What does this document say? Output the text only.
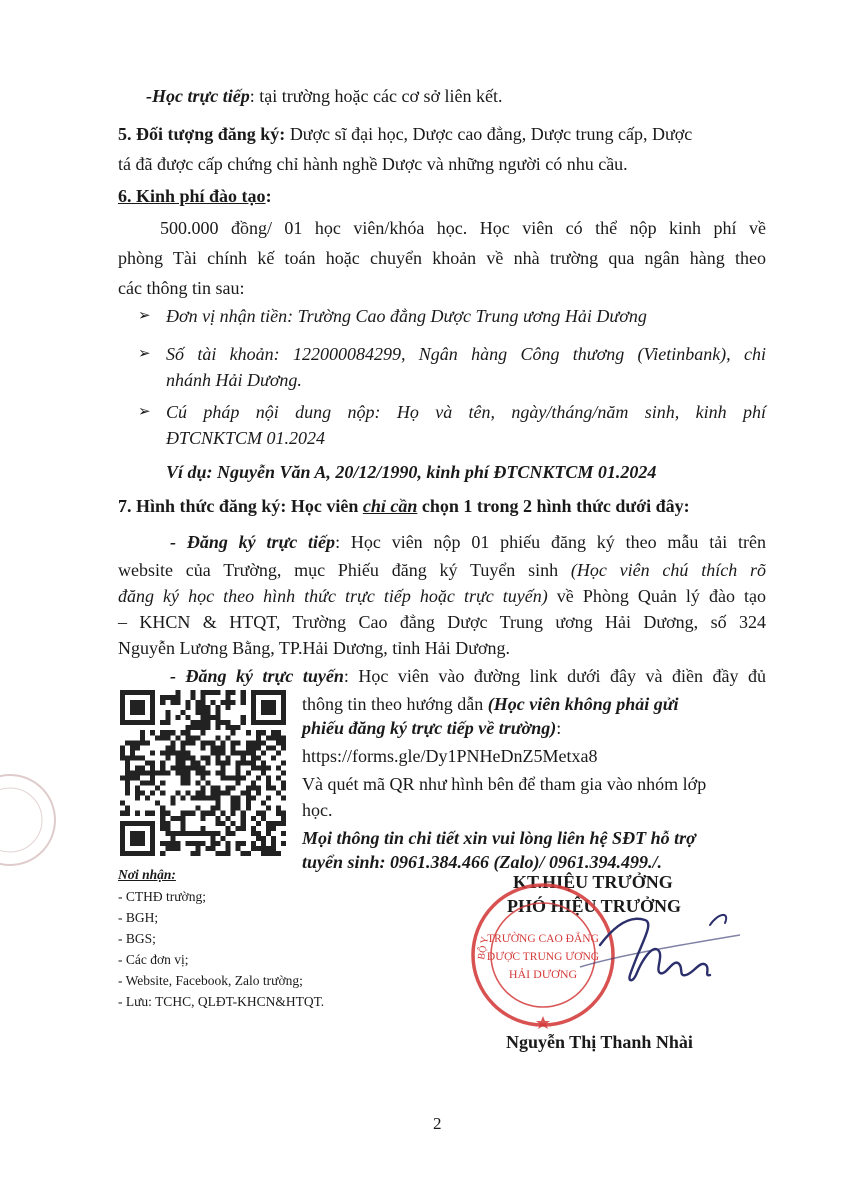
-Học trực tiếp: tại trường hoặc các cơ sở liên kết.
5. Đối tượng đăng ký: Dược sĩ đại học, Dược cao đẳng, Dược trung cấp, Dược
tá đã được cấp chứng chỉ hành nghề Dược và những người có nhu cầu.
6. Kinh phí đào tạo:
500.000 đồng/ 01 học viên/khóa học. Học viên có thể nộp kinh phí về
phòng Tài chính kế toán hoặc chuyển khoản về nhà trường qua ngân hàng theo
các thông tin sau:
➢ Đơn vị nhận tiền: Trường Cao đẳng Dược Trung ương Hải Dương
➢ Số tài khoản: 122000084299, Ngân hàng Công thương (Vietinbank), chi
nhánh Hải Dương.
➢ Cú pháp nội dung nộp: Họ và tên, ngày/tháng/năm sinh, kinh phí
ĐTCNKTCM 01.2024
Ví dụ: Nguyễn Văn A, 20/12/1990, kinh phí ĐTCNKTCM 01.2024
7. Hình thức đăng ký: Học viên chỉ cần chọn 1 trong 2 hình thức dưới đây:
- Đăng ký trực tiếp: Học viên nộp 01 phiếu đăng ký theo mẫu tải trên
website của Trường, mục Phiếu đăng ký Tuyển sinh (Học viên chú thích rõ
đăng ký học theo hình thức trực tiếp hoặc trực tuyến) về Phòng Quản lý đào tạo
– KHCN & HTQT, Trường Cao đẳng Dược Trung ương Hải Dương, số 324
Nguyễn Lương Bằng, TP.Hải Dương, tỉnh Hải Dương.
- Đăng ký trực tuyến: Học viên vào đường link dưới đây và điền đầy đủ
thông tin theo hướng dẫn (Học viên không phải gửi
phiếu đăng ký trực tiếp về trường):
https://forms.gle/Dy1PNHeDnZ5Metxa8
Và quét mã QR như hình bên để tham gia vào nhóm lớp
học.
Mọi thông tin chi tiết xin vui lòng liên hệ SĐT hỗ trợ
tuyển sinh: 0961.384.466 (Zalo)/ 0961.394.499./.
Nơi nhận:
- CTHĐ trường;
- BGH;
- BGS;
- Các đơn vị;
- Website, Facebook, Zalo trường;
- Lưu: TCHC, QLĐT-KHCN&HTQT.
KT.HIỆU TRƯỞNG
PHÓ HIỆU TRƯỞNG
TRƯỜNG CAO ĐẲNG
DƯỢC TRUNG ƯƠNG
HẢI DƯƠNG
BỘ Y
Nguyễn Thị Thanh Nhài
2
